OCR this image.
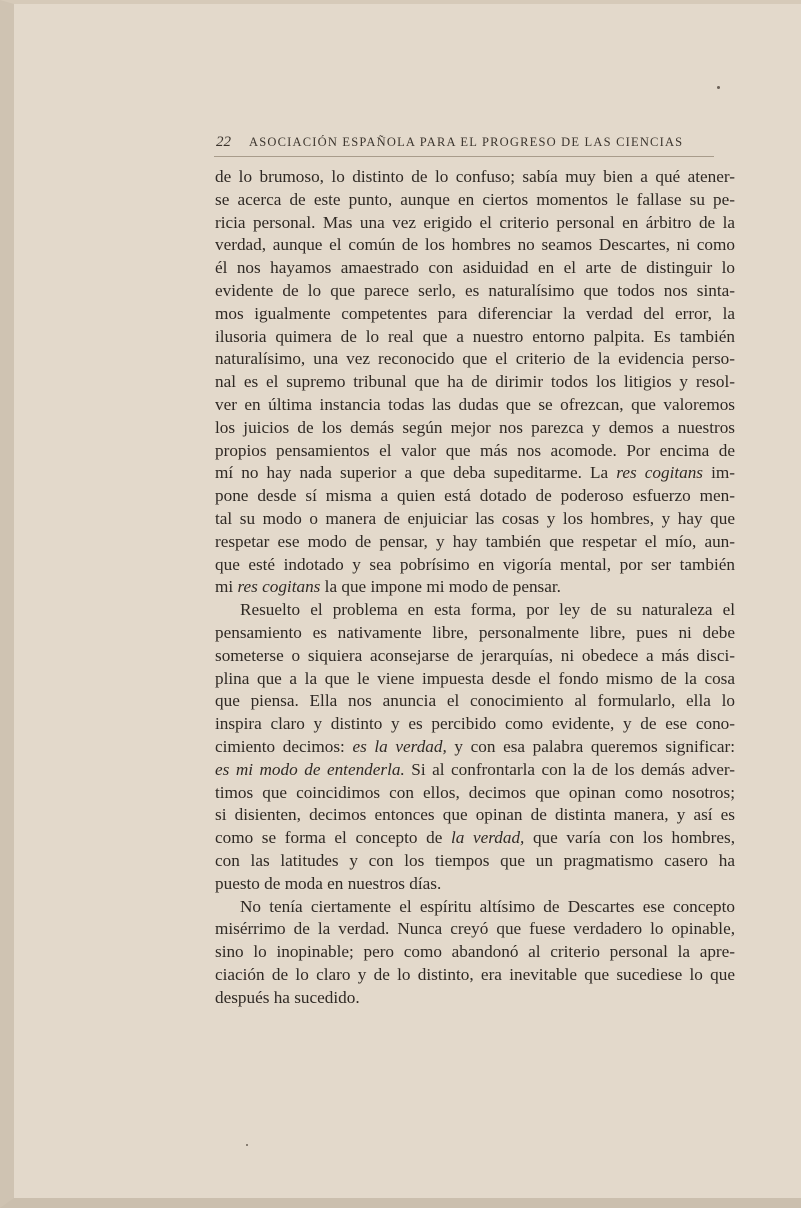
22 ASOCIACIÓN ESPAÑOLA PARA EL PROGRESO DE LAS CIENCIAS
de lo brumoso, lo distinto de lo confuso; sabía muy bien a qué atener-
se acerca de este punto, aunque en ciertos momentos le fallase su pe-
ricia personal. Mas una vez erigido el criterio personal en árbitro de la
verdad, aunque el común de los hombres no seamos Descartes, ni como
él nos hayamos amaestrado con asiduidad en el arte de distinguir lo
evidente de lo que parece serlo, es naturalísimo que todos nos sinta-
mos igualmente competentes para diferenciar la verdad del error, la
ilusoria quimera de lo real que a nuestro entorno palpita. Es también
naturalísimo, una vez reconocido que el criterio de la evidencia perso-
nal es el supremo tribunal que ha de dirimir todos los litigios y resol-
ver en última instancia todas las dudas que se ofrezcan, que valoremos
los juicios de los demás según mejor nos parezca y demos a nuestros
propios pensamientos el valor que más nos acomode. Por encima de
mí no hay nada superior a que deba supeditarme. La res cogitans im-
pone desde sí misma a quien está dotado de poderoso esfuerzo men-
tal su modo o manera de enjuiciar las cosas y los hombres, y hay que
respetar ese modo de pensar, y hay también que respetar el mío, aun-
que esté indotado y sea pobrísimo en vigoría mental, por ser también
mi res cogitans la que impone mi modo de pensar.
Resuelto el problema en esta forma, por ley de su naturaleza el
pensamiento es nativamente libre, personalmente libre, pues ni debe
someterse o siquiera aconsejarse de jerarquías, ni obedece a más disci-
plina que a la que le viene impuesta desde el fondo mismo de la cosa
que piensa. Ella nos anuncia el conocimiento al formularlo, ella lo
inspira claro y distinto y es percibido como evidente, y de ese cono-
cimiento decimos: es la verdad, y con esa palabra queremos significar:
es mi modo de entenderla. Si al confrontarla con la de los demás adver-
timos que coincidimos con ellos, decimos que opinan como nosotros;
si disienten, decimos entonces que opinan de distinta manera, y así es
como se forma el concepto de la verdad, que varía con los hombres,
con las latitudes y con los tiempos que un pragmatismo casero ha
puesto de moda en nuestros días.
No tenía ciertamente el espíritu altísimo de Descartes ese concepto
misérrimo de la verdad. Nunca creyó que fuese verdadero lo opinable,
sino lo inopinable; pero como abandonó al criterio personal la apre-
ciación de lo claro y de lo distinto, era inevitable que sucediese lo que
después ha sucedido.
